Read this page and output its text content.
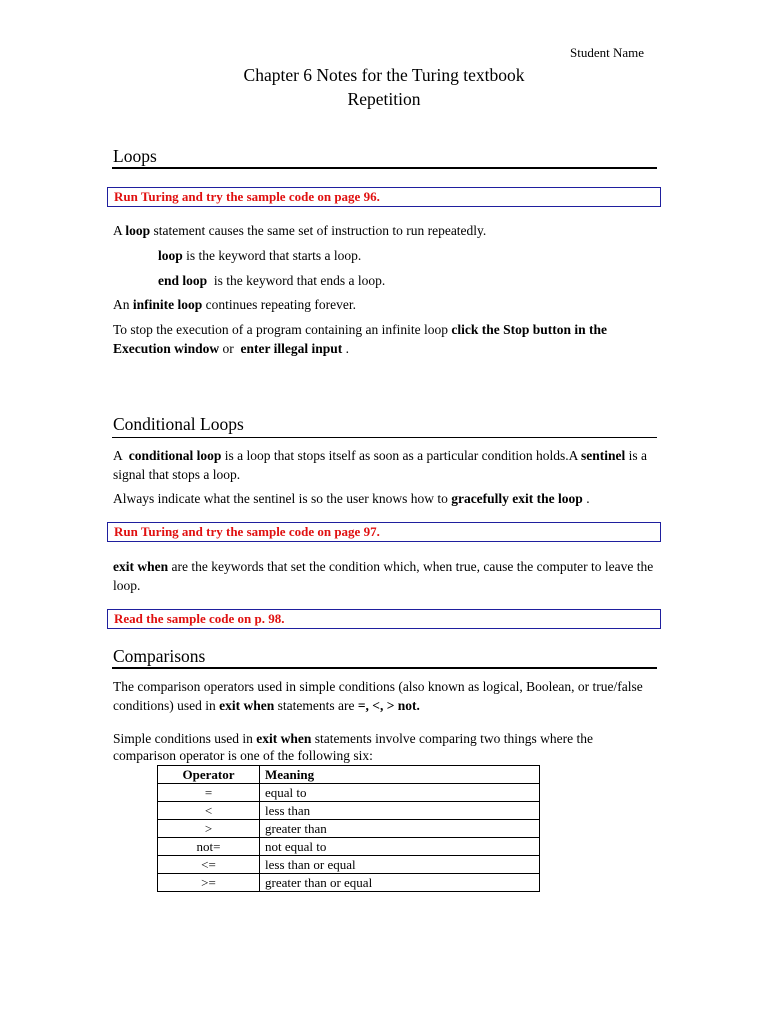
Student Name
Chapter 6 Notes for the Turing textbook
Repetition
Loops
Run Turing and try the sample code on page 96.
A loop statement causes the same set of instruction to run repeatedly.
loop is the keyword that starts a loop.
end loop  is the keyword that ends a loop.
An infinite loop continues repeating forever.
To stop the execution of a program containing an infinite loop click the Stop button in the Execution window or  enter illegal input .
Conditional Loops
A  conditional loop is a loop that stops itself as soon as a particular condition holds.A sentinel is a signal that stops a loop.
Always indicate what the sentinel is so the user knows how to gracefully exit the loop .
Run Turing and try the sample code on page 97.
exit when are the keywords that set the condition which, when true, cause the computer to leave the loop.
Read the sample code on p. 98.
Comparisons
The comparison operators used in simple conditions (also known as logical, Boolean, or true/false conditions) used in exit when statements are =, <, > not.
Simple conditions used in exit when statements involve comparing two things where the comparison operator is one of the following six:
Operator	Meaning
=	equal to
<	less than
>	greater than
not=	not equal to
<=	less than or equal
>=	greater than or equal
